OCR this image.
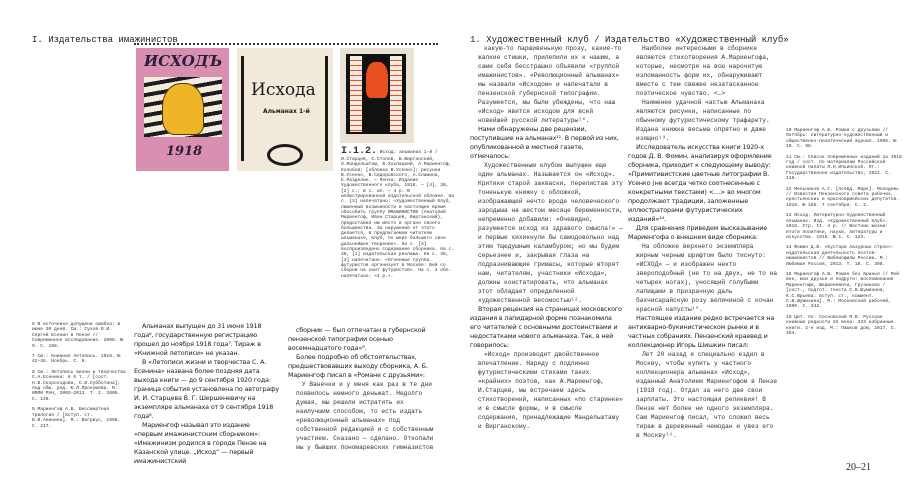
I. Издательства имажинистов	1. Художественный клуб / Издательство «Художественный клуб»
ИСХОДЪ
1918
Исхода
Альманах 1-й
I.1.2. Исход: альманах 1-й / И.Старцев, С.Столов, Б.Вирганский, О.Мандельштам, В.Хохлацкий, А.Мариенгоф, Колобов; [обложка В.Усенко]; рисунки В.Усенко, В.Сидоровского, А.Сламина, Е.Разделин. — Пенза: Издание Художественного клуба, 1918. — [4], 38, [2] с.; 8 с. ил. — 4 р. В иллюстрированной издательской обложке. На с. [3] напечатано: «Художественный Клуб, лишенный возможности в настоящее время обособить группу ИМАЖИНИСТОВ (Анатолий Мариенгоф, Иван Старцев, Вирганский), предоставил им место в органе своего большинства. За нарушение от этого делается, в предлагаемом читателю альманахе, Клуб, по мере большего свое дальнейшее творение». На с. [4] воспроизведено содержание сборника. На с. 38, [1] издательская реклама. На с. 38, [3] напечатано: «Огненные группа футуристов организует в Москве: Бей со сборов на окит футуристов». На с. 4 обл. напечатано: «4 р.».

6 В источнике допущена ошибка: в июне 30 дней. См.: Сухов О.И. Сергей Есенин в Пензе // Современное исследование. 2008. № 9. С. 198.

7 См.: Книжная летопись. 1918. № 42–45. Ноябрь. С. 9.

8 См.: Летопись жизни и творчества С.А.Есенина: в 5 т. / [сост. Н.В.Скороходова, С.И.Субботина]; под общ. ред. Ю.Л.Прокушева. М.: ИМЛИ РАН, 2003–2013. Т. 2. 2005. С. 149.

9 Мариенгоф А.Б. Бессмертная трилогия / [вступ. ст. Б.В.Аникина]. М.: Вагриус, 1998. С. 217.

Альманах выпущен до 31 июня 1918 года⁶, государственную регистрацию прошел до ноября 1918 года⁷. Тираж в «Книжной летописи» не указан.

В «Летописи жизни и творчества С. А. Есенина» названа более поздняя дата выхода книги — до 9 сентября 1920 года: граница события установлена по автографу И. И. Старцева В. Г. Шершеневичу на экземпляре альманаха от 9 сентября 1918 года⁸.

Мариенгоф называл это издание «первым имажинистским сборником»: «Имажинизм родился в городе Пензе на Казанской улице. „Исход“ — первый имажинистский

сборник — был отпечатан в губернской пензенской типографии осенью восемнадцатого года»⁹.

Более подробно об обстоятельствах, предшествовавших выходу сборника, А. Б. Мариенгоф писал в «Романе с друзьями»:

У Ванечки и у меня как раз в те дни появилось немного деньжат. Недолго думая, мы решили истратить их наилучшим способом, то есть издать «революционный альманах» под собственной редакцией и с собственным участием. Сказано — сделано. Откопали мы у бывших пономаревских гимназистов

какую-то паршивенькую прозу, какие-то жалкие стишки, прилепили их к нашим, а сами себя бесстрашно объявили «группой имажинистов». «Революционный альманах» мы назвали «Исходом» и напечатали в пензенской губернской типографии. Разумеется, мы были убеждены, что наш «Исход» явится исходом для всей новейшей русской литературы¹⁰.

Нами обнаружены две рецензии, поступившие на альманах¹¹. В первой из них, опубликованной в местной газете, отмечалось:

Художественным клубом выпущен еще один альманах. Называется он «Исход». Критики старой закваски, перелистав эту тоненькую книжку с обложкой, изображающей нечто вроде человеческого зародыша на шестом месяце беременности, непременно добавили: «Очевидно, разумеется исход из здравого смысла!» — и первые хихикнули бы самодовольно над этим тщедушным каламбуром; но мы будем серьезнее и, закрывая глаза на подразнивающие гримасы, которые вторят нам, читателям, участники «Исхода», должны констатировать, что альманах этот обладает определенной художественной весомостью¹².

Вторая рецензия на страницах московского издания в лапидарной форме познакомила его читателей с основными достоинствами и недостатками нового альманаха. Так, в ней говорилось:

«Исход» производит двойственное впечатление. Наряду с подлинно футуристическими стихами таких «крайних» поэтов, как А.Мариенгоф, И.Старцев, мы встречаем здесь стихотворений, написанных «по старинке» и в смысле формы, и в смысле содержания, принадлежащие Мандельштаму и Вирганскому.

Наиболее интересными в сборнике являются стихотворения А.Мариенгофа, которые, несмотря на всю нарочитую изломанность форм их, обнаруживают вместе с тем свежее незатасканное поэтическое чувство. <…>

Наименее удачной частью Альманаха являются рисунки, написанные по обычному футуристическому трафарету. Издана книжка весьма опрятно и даже изящно¹³.

Исследователь искусства книги 1920-х годов Д. В. Фомин, анализируя оформление сборника, приходит к следующему выводу: «Примитивистские цветные литографии В. Усенко (не всегда четко соотнесенные с конкретными текстами) <…> во многом продолжают традиции, заложенные иллюстраторами футуристических изданий»¹⁴.

Для сравнения приведем высказывание Мариенгофа о внешнем виде сборника:

На обложке верхнего экземпляра жирным черным шрифтом было тиснуто: «ИСХОД» — и изображен некто звероподобный (не то на двух, не то на четырех ногах), уносящий голубыми лапищами в призрачную даль бахчисарайскую розу величиной с кочан красной капусты¹⁵.

Настоящее издание редко встречается на антикварно-букинистическом рынке и в частных собраниях. Пензенский краевед и коллекционер Игорь Шишкин писал:

Лет 20 назад я специально ездил в Москву, чтобы купить у частного коллекционера альманах «Исход», изданный Анатолием Мариенгофом в Пензе (1918 год). Отдал за него две свои зарплаты. Это настоящая реликвия! В Пензе нет более ни одного экземпляра. Сам Мариенгоф писал, что сложил весь тираж в деревянный чемодан и увез его в Москву¹⁶.

10 Мариенгоф А.Б. Роман с друзьями // Октябрь: литературно-художественный и общественно-политический журнал. 1965. № 10. С. 98.

11 См.: Список повременных изданий за 1918 год / сост. по материалам Российской книжной палаты Л.Н.Ильинской. Пг.: Государственное издательство, 1922. С. 118.

12 Мельников А.Г. [псевд. Марк]. Молодежь // Известия Пензенского совета рабочих, крестьянских и красноармейских депутатов. 1918. № 185. 7 сентября. С. 2.

13 Исход. Литературно-Художественный Альманах. Изд. «Художественный Клуб». 1918. Стр. II. 4 р. // Вестник жизни: итоги политики, науки, литературы и искусства. 1918. № 1. С. 123.

14 Фомин Д.В. «Кустари лазурных строк»: издательская деятельность поэтов-имажинистов // Библиофилы России. М.: Любимая Россия, 2013. Т. 10. С. 398.

15 Мариенгоф А.Б. Роман без вранья // Мой век, мои друзья и подруги: воспоминания Мариенгофа, Шершеневича, Грузинова / [сост., подгот. текста С.В.Шумихина, К.С.Юрьева; вступ. ст., коммент. С.В.Шумихина]. М.: Московский рабочий, 1990. С. 342.

16 Цит. по: Сосновский М.В. Русские книжные редкости XX века: 333 избранные книги. 2-е изд. М.: Пашков дом, 2017. С. 164.

20–21
